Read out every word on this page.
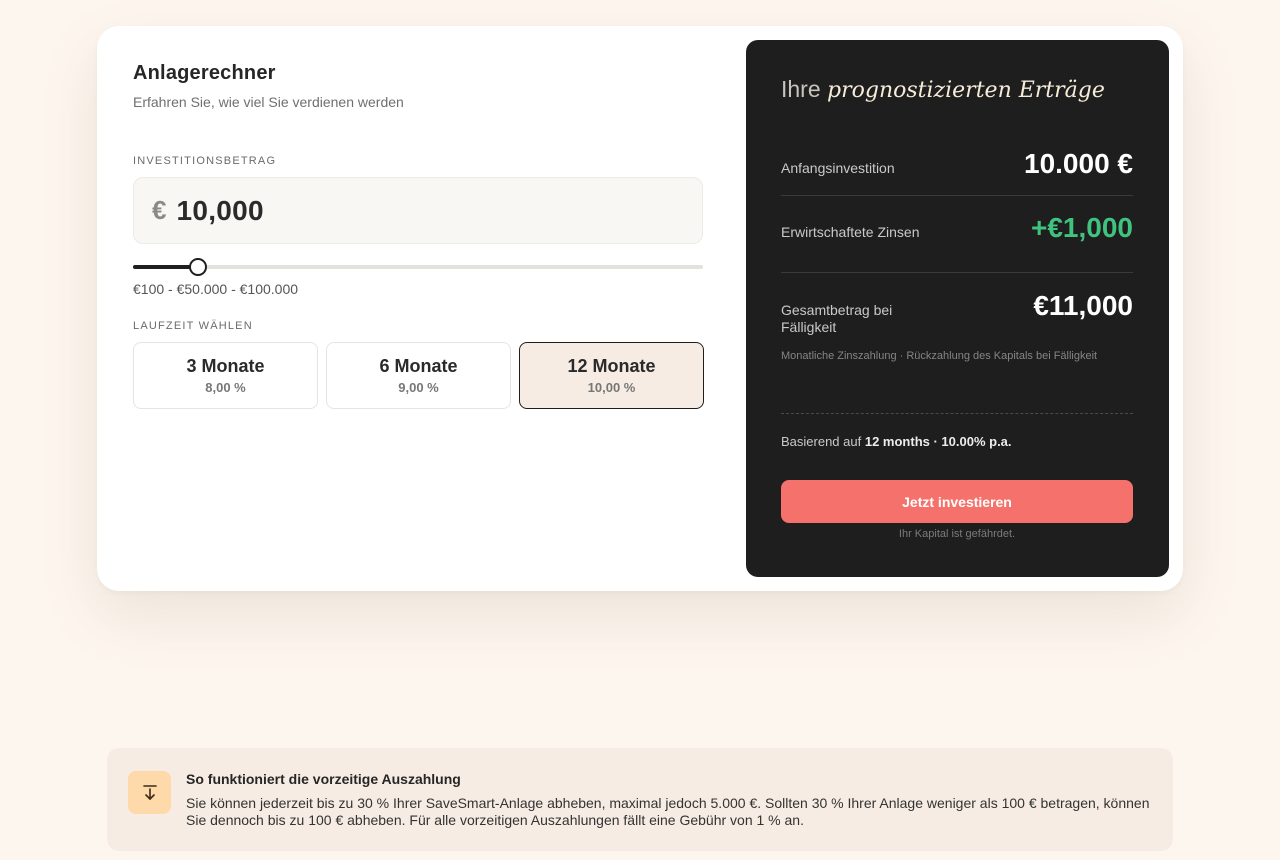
Anlagerechner
Erfahren Sie, wie viel Sie verdienen werden
INVESTITIONSBETRAG
€ 10,000
€100 - €50.000 - €100.000
LAUFZEIT WÄHLEN
3 Monate
8,00 %
6 Monate
9,00 %
12 Monate
10,00 %
Ihre prognostizierten Erträge
Anfangsinvestition	10.000 €
Erwirtschaftete Zinsen	+€1,000
Gesamtbetrag bei Fälligkeit
€11,000
Monatliche Zinszahlung · Rückzahlung des Kapitals bei Fälligkeit
Basierend auf 12 months · 10.00% p.a.
Jetzt investieren
Ihr Kapital ist gefährdet.
So funktioniert die vorzeitige Auszahlung
Sie können jederzeit bis zu 30 % Ihrer SaveSmart-Anlage abheben, maximal jedoch 5.000 €. Sollten 30 % Ihrer Anlage weniger als 100 € betragen, können Sie dennoch bis zu 100 € abheben. Für alle vorzeitigen Auszahlungen fällt eine Gebühr von 1 % an.
